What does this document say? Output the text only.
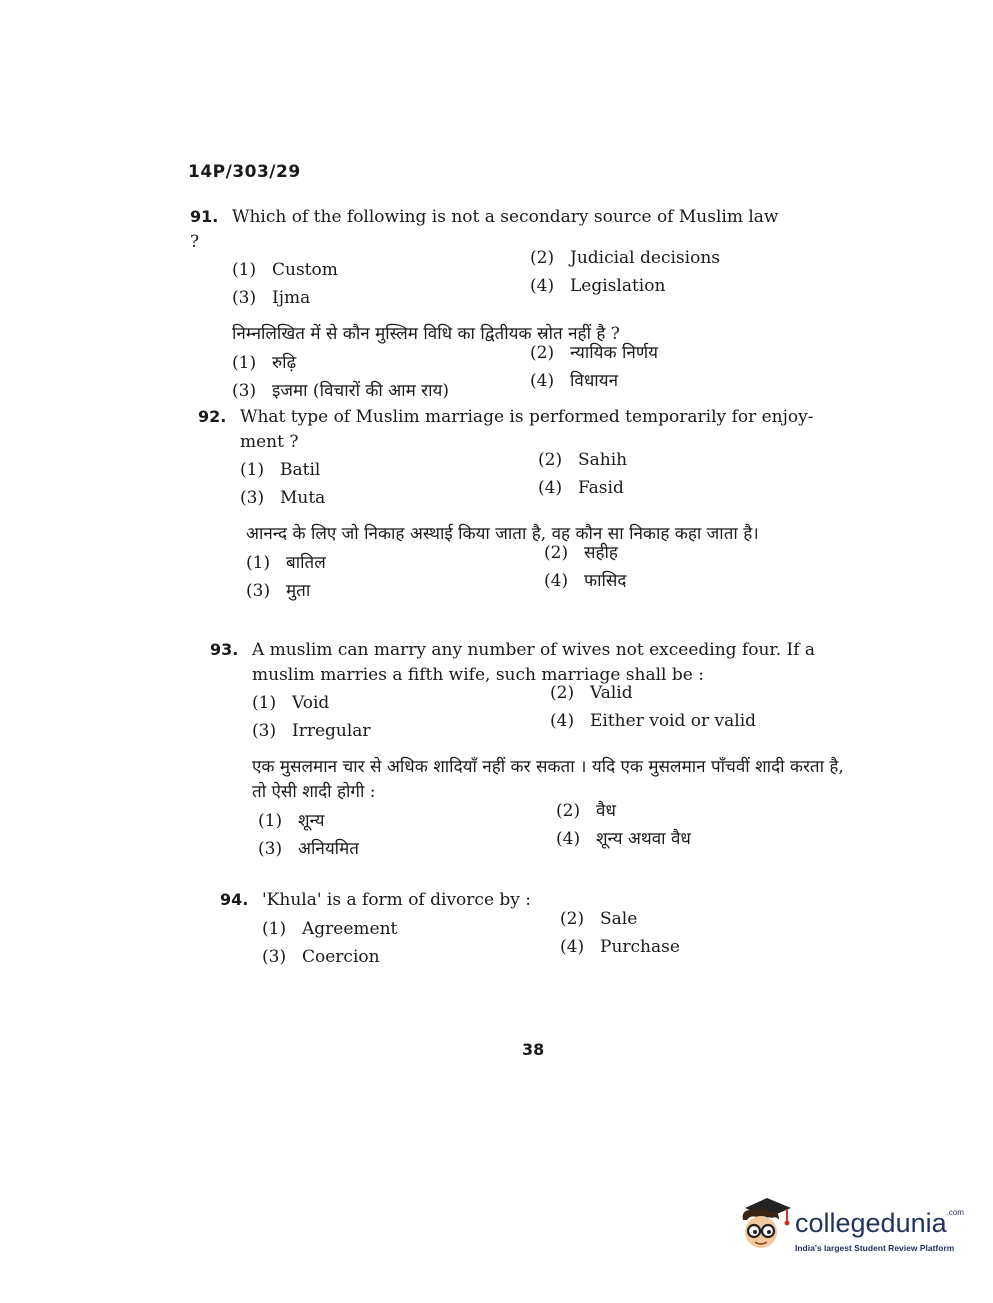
14P/303/29
91. Which of the following is not a secondary source of Muslim law ?
(1) Custom
(2) Judicial decisions
(3) Ijma
(4) Legislation
निम्नलिखित में से कौन मुस्लिम विधि का द्वितीयक स्रोत नहीं है ?
(1) रुढ़ि	(2) न्यायिक निर्णय
(3) इजमा (विचारों की आम राय)	(4) विधायन
92. What type of Muslim marriage is performed temporarily for enjoy-
ment ?
(1) Batil	(2) Sahih
(3) Muta	(4) Fasid
आनन्द के लिए जो निकाह अस्थाई किया जाता है, वह कौन सा निकाह कहा जाता है।
(1) बातिल	(2) सहीह
(3) मुता	(4) फासिद
93. A muslim can marry any number of wives not exceeding four. If a
muslim marries a fifth wife, such marriage shall be :
(1) Void	(2) Valid
(3) Irregular	(4) Either void or valid
एक मुसलमान चार से अधिक शादियाँ नहीं कर सकता । यदि एक मुसलमान पाँचवीं शादी करता है, तो ऐसी शादी होगी :
(1) शून्य	(2) वैध
(3) अनियमित	(4) शून्य अथवा वैध
94. 'Khula' is a form of divorce by :
(1) Agreement	(2) Sale
(3) Coercion	(4) Purchase
38
collegedunia$^{.com}$
India's largest Student Review Platform
